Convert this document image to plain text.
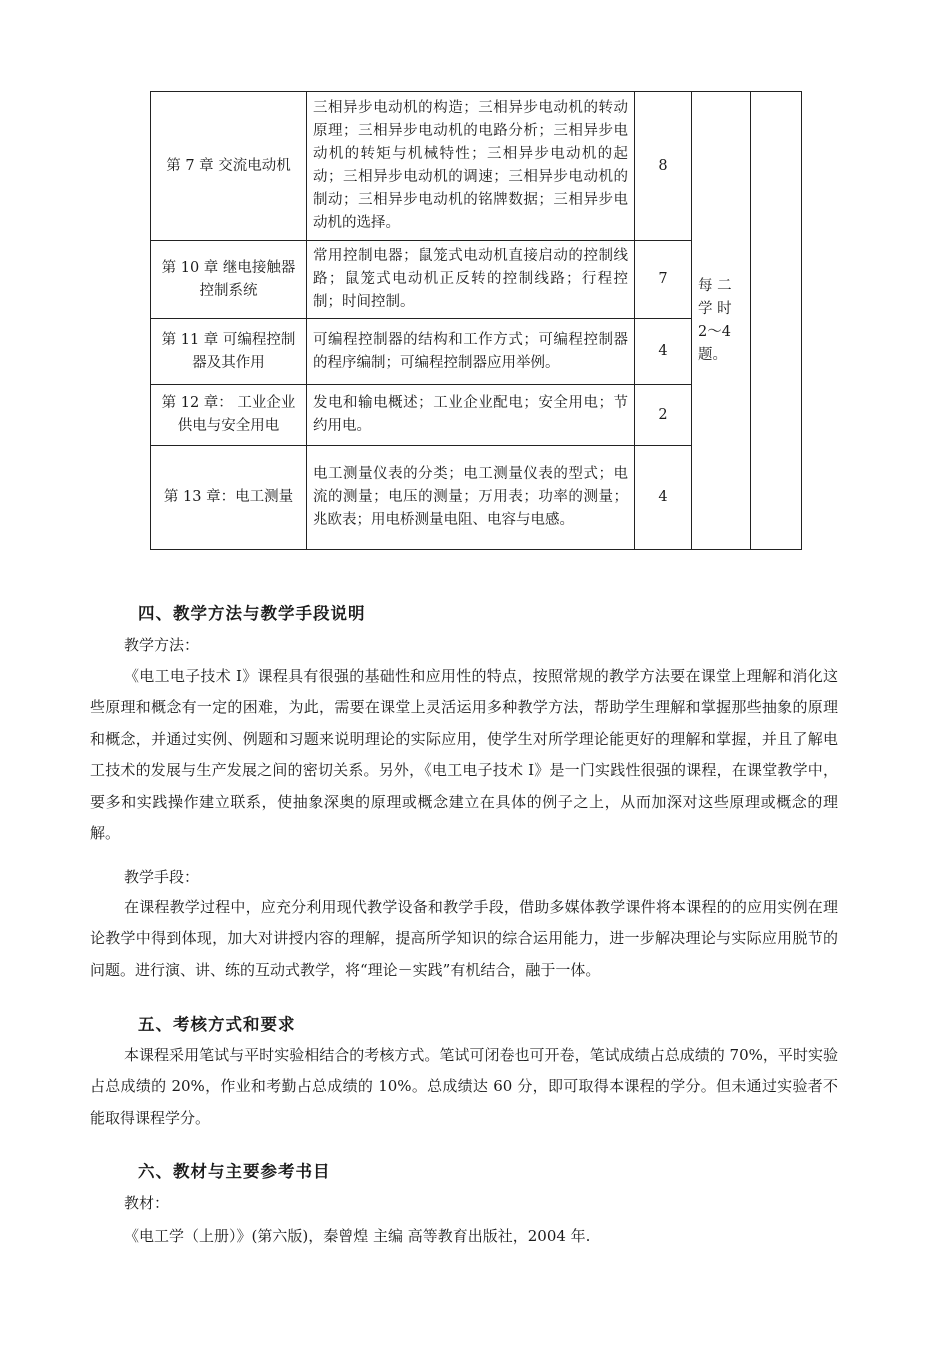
第 7 章 交流电动机	三相异步电动机的构造；三相异步电动机的转动原理；三相异步电动机的电路分析；三相异步电动机的转矩与机械特性；三相异步电动机的起动；三相异步电动机的调速；三相异步电动机的制动；三相异步电动机的铭牌数据；三相异步电动机的选择。	8	每 二 学 时 2～4 题。	
第 10 章 继电接触器控制系统	常用控制电器；鼠笼式电动机直接启动的控制线路；鼠笼式电动机正反转的控制线路；行程控制；时间控制。	7		
第 11 章 可编程控制器及其作用	可编程控制器的结构和工作方式；可编程控制器的程序编制；可编程控制器应用举例。	4		
第 12 章： 工业企业供电与安全用电	发电和输电概述；工业企业配电；安全用电；节约用电。	2		
第 13 章：电工测量	电工测量仪表的分类；电工测量仪表的型式；电流的测量；电压的测量；万用表；功率的测量；兆欧表；用电桥测量电阻、电容与电感。	4		
四、教学方法与教学手段说明
教学方法：

《电工电子技术 I》课程具有很强的基础性和应用性的特点，按照常规的教学方法要在课堂上理解和消化这些原理和概念有一定的困难，为此，需要在课堂上灵活运用多种教学方法，帮助学生理解和掌握那些抽象的原理和概念，并通过实例、例题和习题来说明理论的实际应用，使学生对所学理论能更好的理解和掌握，并且了解电工技术的发展与生产发展之间的密切关系。另外，《电工电子技术 I》是一门实践性很强的课程，在课堂教学中，要多和实践操作建立联系，使抽象深奥的原理或概念建立在具体的例子之上，从而加深对这些原理或概念的理解。

教学手段：

在课程教学过程中，应充分利用现代教学设备和教学手段，借助多媒体教学课件将本课程的的应用实例在理论教学中得到体现，加大对讲授内容的理解，提高所学知识的综合运用能力，进一步解决理论与实际应用脱节的问题。进行演、讲、练的互动式教学，将“理论－实践”有机结合，融于一体。

五、考核方式和要求

本课程采用笔试与平时实验相结合的考核方式。笔试可闭卷也可开卷，笔试成绩占总成绩的 70%，平时实验占总成绩的 20%，作业和考勤占总成绩的 10%。总成绩达 60 分，即可取得本课程的学分。但未通过实验者不能取得课程学分。

六、教材与主要参考书目
教材：
《电工学（上册）》(第六版)，秦曾煌 主编 高等教育出版社，2004 年.
